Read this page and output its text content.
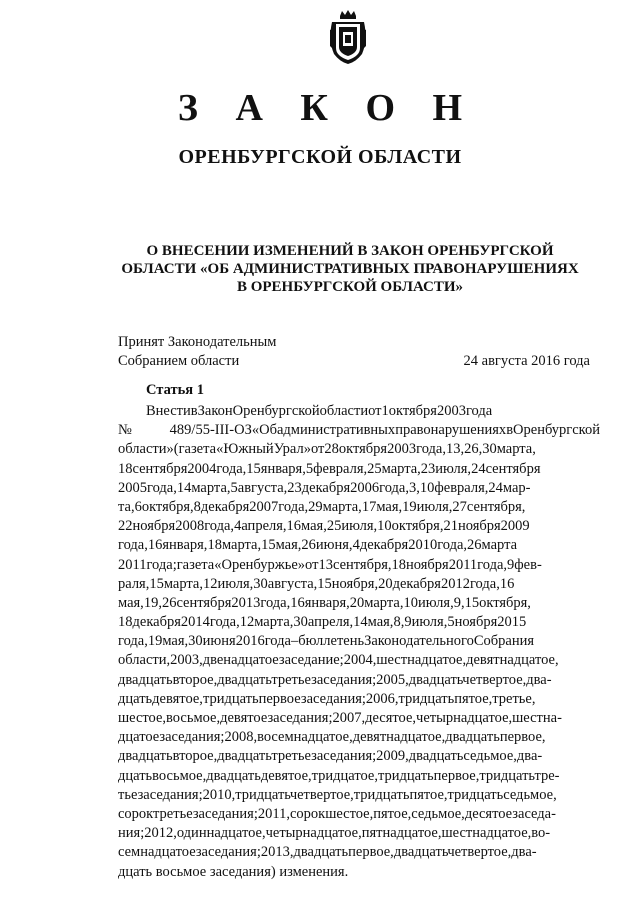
З А К О Н
ОРЕНБУРГСКОЙ ОБЛАСТИ
О ВНЕСЕНИИ ИЗМЕНЕНИЙ В ЗАКОН ОРЕНБУРГСКОЙ
ОБЛАСТИ «ОБ АДМИНИСТРАТИВНЫХ ПРАВОНАРУШЕНИЯХ
В ОРЕНБУРГСКОЙ ОБЛАСТИ»
Принят Законодательным
Собранием области	24 августа 2016 года
Статья 1
ВнестивЗаконОренбургскойобластиот1октября2003года
№489/55-III-ОЗ«ОбадминистративныхправонарушенияхвОренбургской
области»(газета«ЮжныйУрал»от28октября2003года,13,26,30марта,
18сентября2004года,15января,5февраля,25марта,23июля,24сентября
2005года,14марта,5августа,23декабря2006года,3,10февраля,24мар-
та,6октября,8декабря2007года,29марта,17мая,19июля,27сентября,
22ноября2008года,4апреля,16мая,25июля,10октября,21ноября2009
года,16января,18марта,15мая,26июня,4декабря2010года,26марта
2011года;газета«Оренбуржье»от13сентября,18ноября2011года,9фев-
раля,15марта,12июля,30августа,15ноября,20декабря2012года,16
мая,19,26сентября2013года,16января,20марта,10июля,9,15октября,
18декабря2014года,12марта,30апреля,14мая,8,9июля,5ноября2015
года,19мая,30июня2016года–бюллетеньЗаконодательногоСобрания
области,2003,двенадцатоезаседание;2004,шестнадцатое,девятнадцатое,
двадцатьвторое,двадцатьтретьезаседания;2005,двадцатьчетвертое,два-
дцатьдевятое,тридцатьпервоезаседания;2006,тридцатьпятое,третье,
шестое,восьмое,девятоезаседания;2007,десятое,четырнадцатое,шестна-
дцатоезаседания;2008,восемнадцатое,девятнадцатое,двадцатьпервое,
двадцатьвторое,двадцатьтретьезаседания;2009,двадцатьседьмое,два-
дцатьвосьмое,двадцатьдевятое,тридцатое,тридцатьпервое,тридцатьтре-
тьезаседания;2010,тридцатьчетвертое,тридцатьпятое,тридцатьседьмое,
сороктретьезаседания;2011,сорокшестое,пятое,седьмое,десятоезаседа-
ния;2012,одиннадцатое,четырнадцатое,пятнадцатое,шестнадцатое,во-
семнадцатоезаседания;2013,двадцатьпервое,двадцатьчетвертое,два-
дцать восьмое заседания) изменения.
